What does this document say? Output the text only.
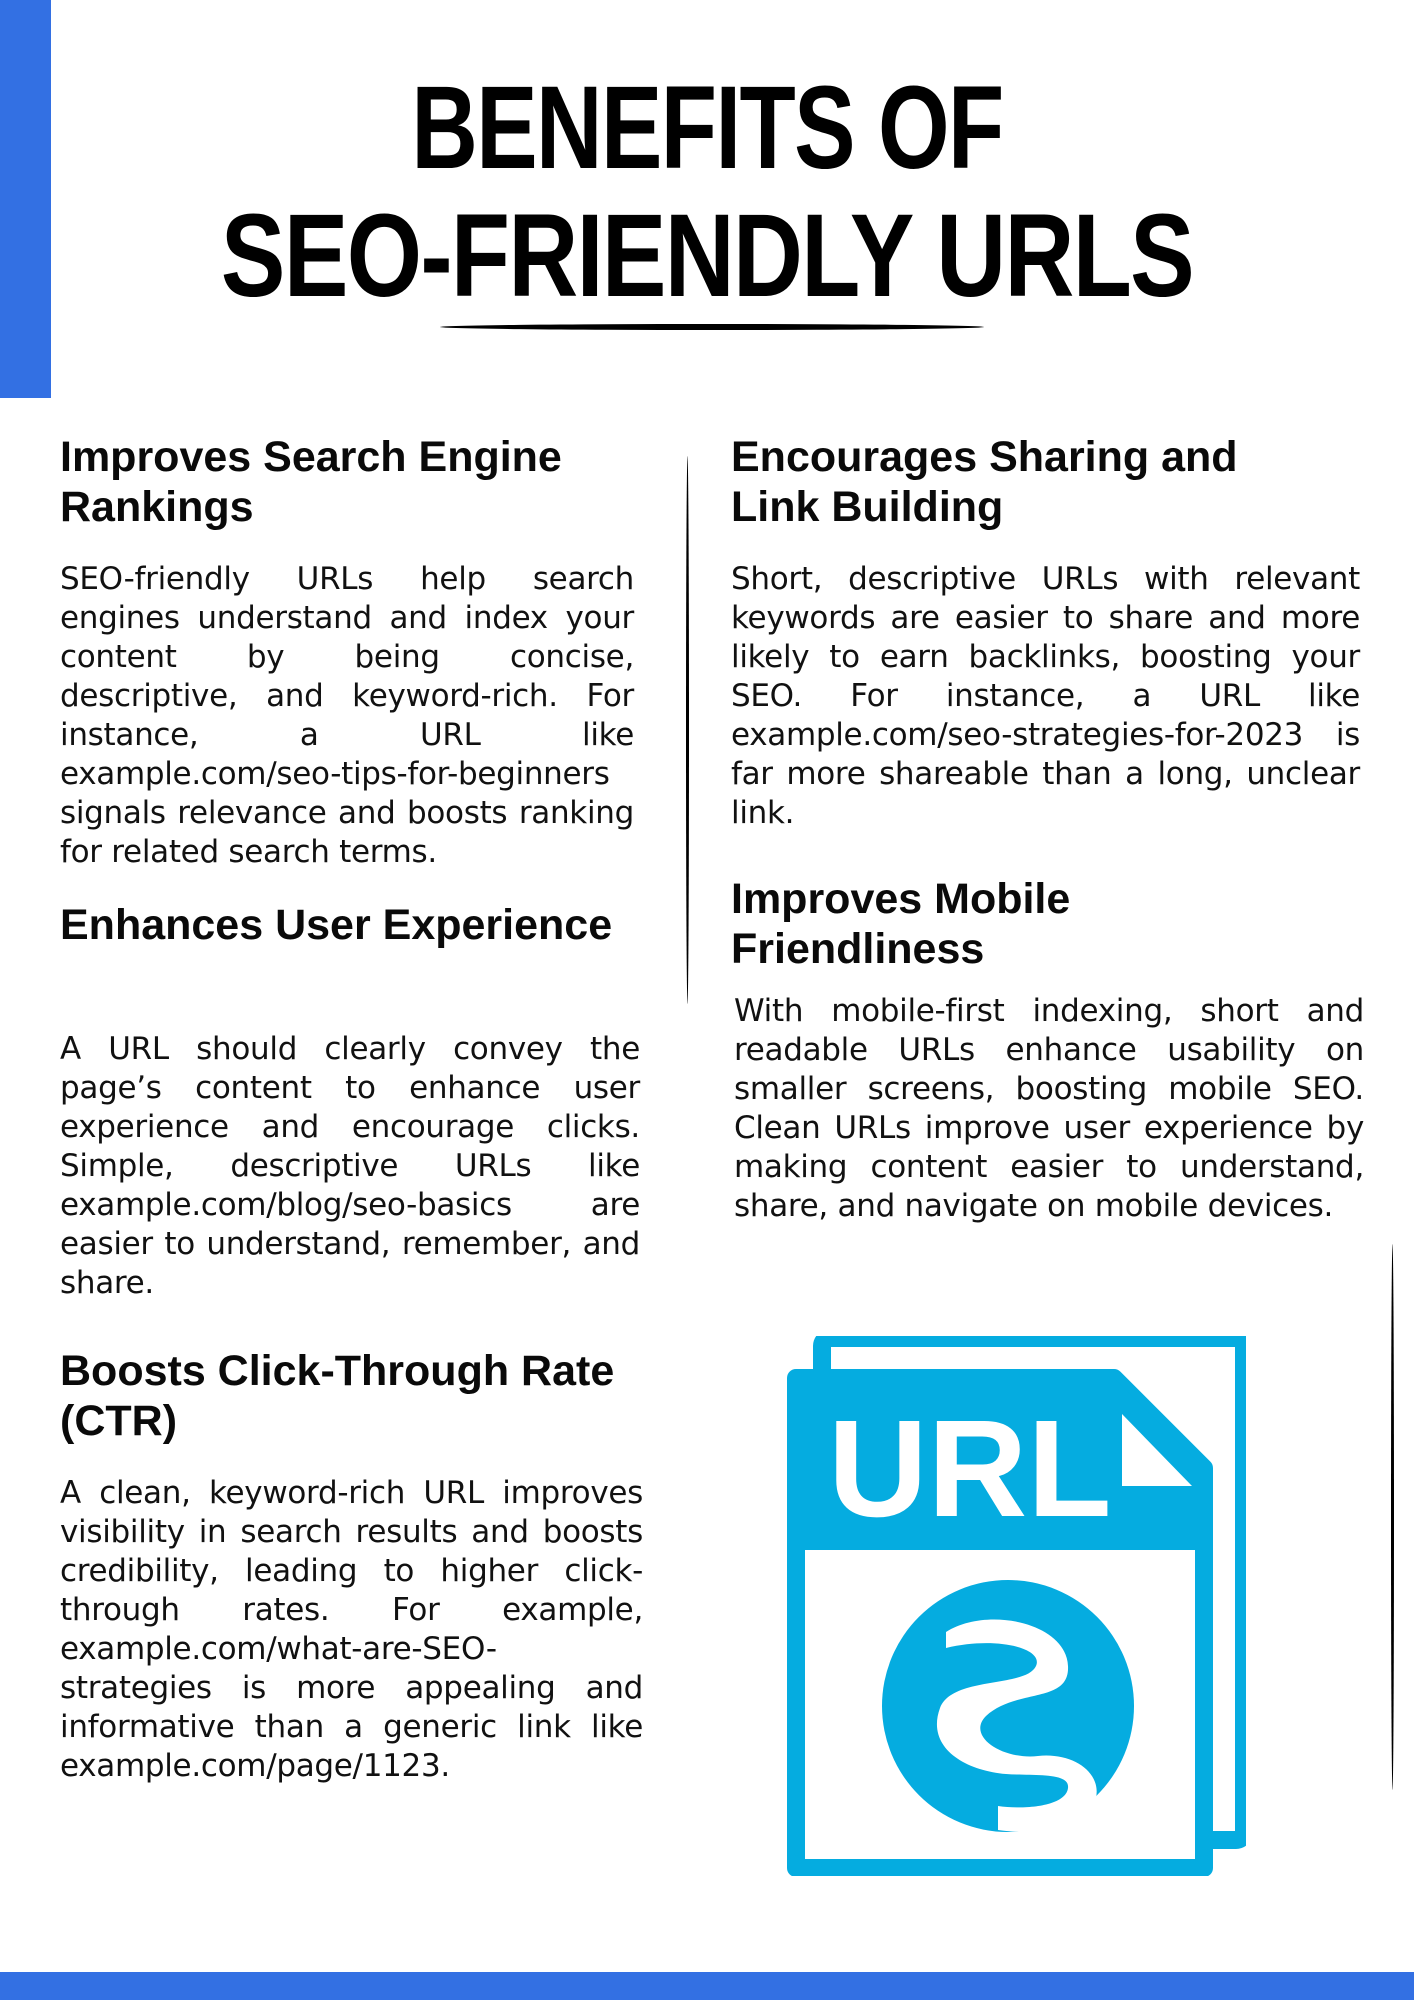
BENEFITS OF
SEO-FRIENDLY URLS
Improves Search Engine Rankings

SEO-friendly URLs help search engines understand and index your content by being concise, descriptive, and keyword-rich. For instance, a URL like example.com/seo-tips-for-beginners signals relevance and boosts ranking for related search terms.

Enhances User Experience

A URL should clearly convey the page’s content to enhance user experience and encourage clicks. Simple, descriptive URLs like example.com/blog/seo-basics are easier to understand, remember, and share.

Boosts Click-Through Rate (CTR)

A clean, keyword-rich URL improves visibility in search results and boosts credibility, leading to higher click-through rates. For example, example.com/what-are-SEO-strategies is more appealing and informative than a generic link like example.com/page/1123.

Encourages Sharing and Link Building

Short, descriptive URLs with relevant keywords are easier to share and more likely to earn backlinks, boosting your SEO. For instance, a URL like example.com/seo-strategies-for-2023 is far more shareable than a long, unclear link.

Improves Mobile Friendliness

With mobile-first indexing, short and readable URLs enhance usability on smaller screens, boosting mobile SEO. Clean URLs improve user experience by making content easier to understand, share, and navigate on mobile devices.

URL
